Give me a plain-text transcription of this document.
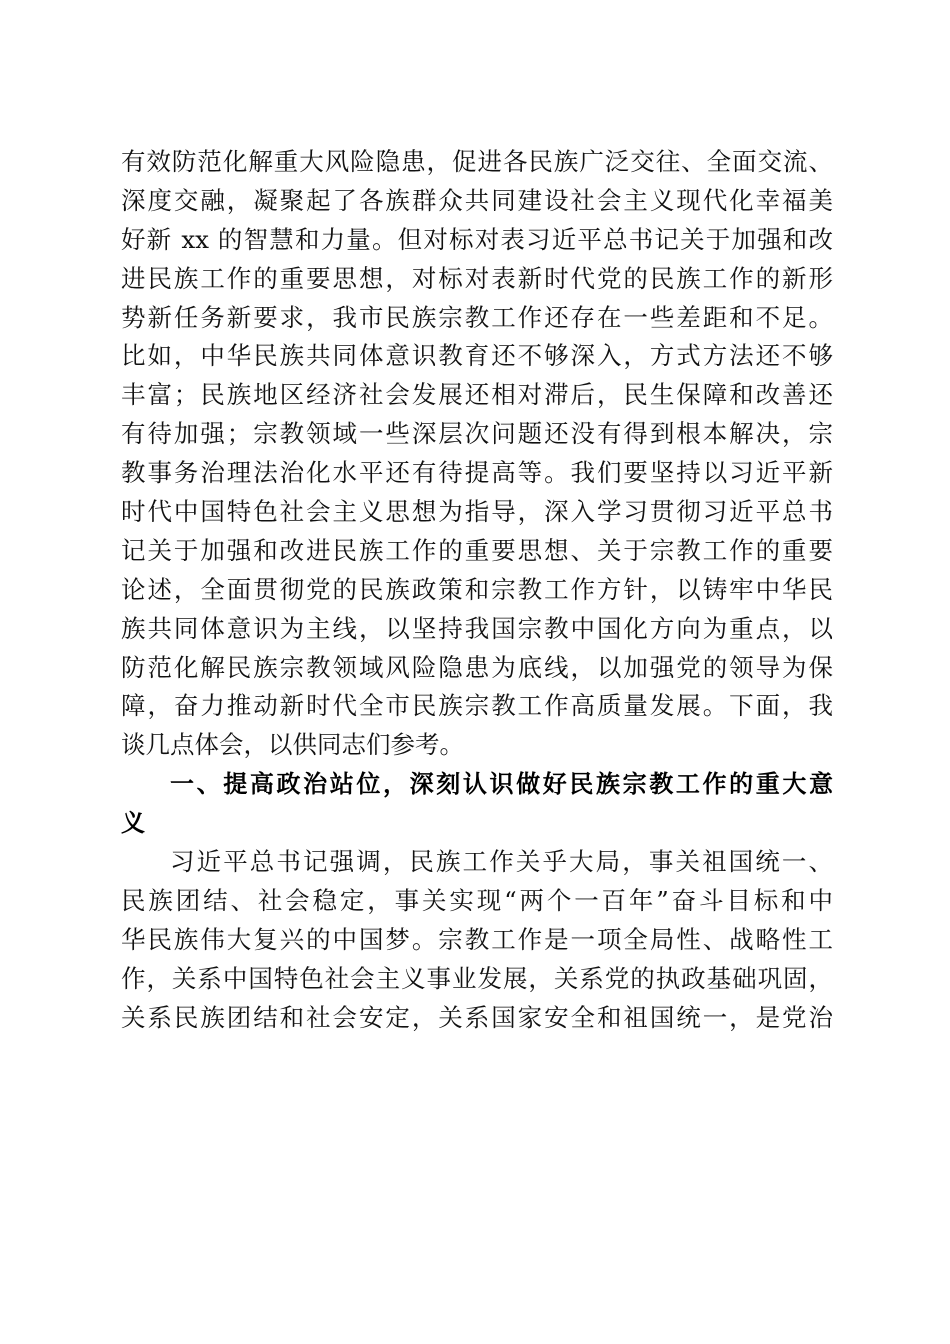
有效防范化解重大风险隐患，促进各民族广泛交往、全面交流、
深度交融，凝聚起了各族群众共同建设社会主义现代化幸福美
好新 xx 的智慧和力量。但对标对表习近平总书记关于加强和改
进民族工作的重要思想，对标对表新时代党的民族工作的新形
势新任务新要求，我市民族宗教工作还存在一些差距和不足。
比如，中华民族共同体意识教育还不够深入，方式方法还不够
丰富；民族地区经济社会发展还相对滞后，民生保障和改善还
有待加强；宗教领域一些深层次问题还没有得到根本解决，宗
教事务治理法治化水平还有待提高等。我们要坚持以习近平新
时代中国特色社会主义思想为指导，深入学习贯彻习近平总书
记关于加强和改进民族工作的重要思想、关于宗教工作的重要
论述，全面贯彻党的民族政策和宗教工作方针，以铸牢中华民
族共同体意识为主线，以坚持我国宗教中国化方向为重点，以
防范化解民族宗教领域风险隐患为底线，以加强党的领导为保
障，奋力推动新时代全市民族宗教工作高质量发展。下面，我
谈几点体会，以供同志们参考。
一、提高政治站位，深刻认识做好民族宗教工作的重大意
义
习近平总书记强调，民族工作关乎大局，事关祖国统一、
民族团结、社会稳定，事关实现“两个一百年”奋斗目标和中
华民族伟大复兴的中国梦。宗教工作是一项全局性、战略性工
作，关系中国特色社会主义事业发展，关系党的执政基础巩固，
关系民族团结和社会安定，关系国家安全和祖国统一，是党治
